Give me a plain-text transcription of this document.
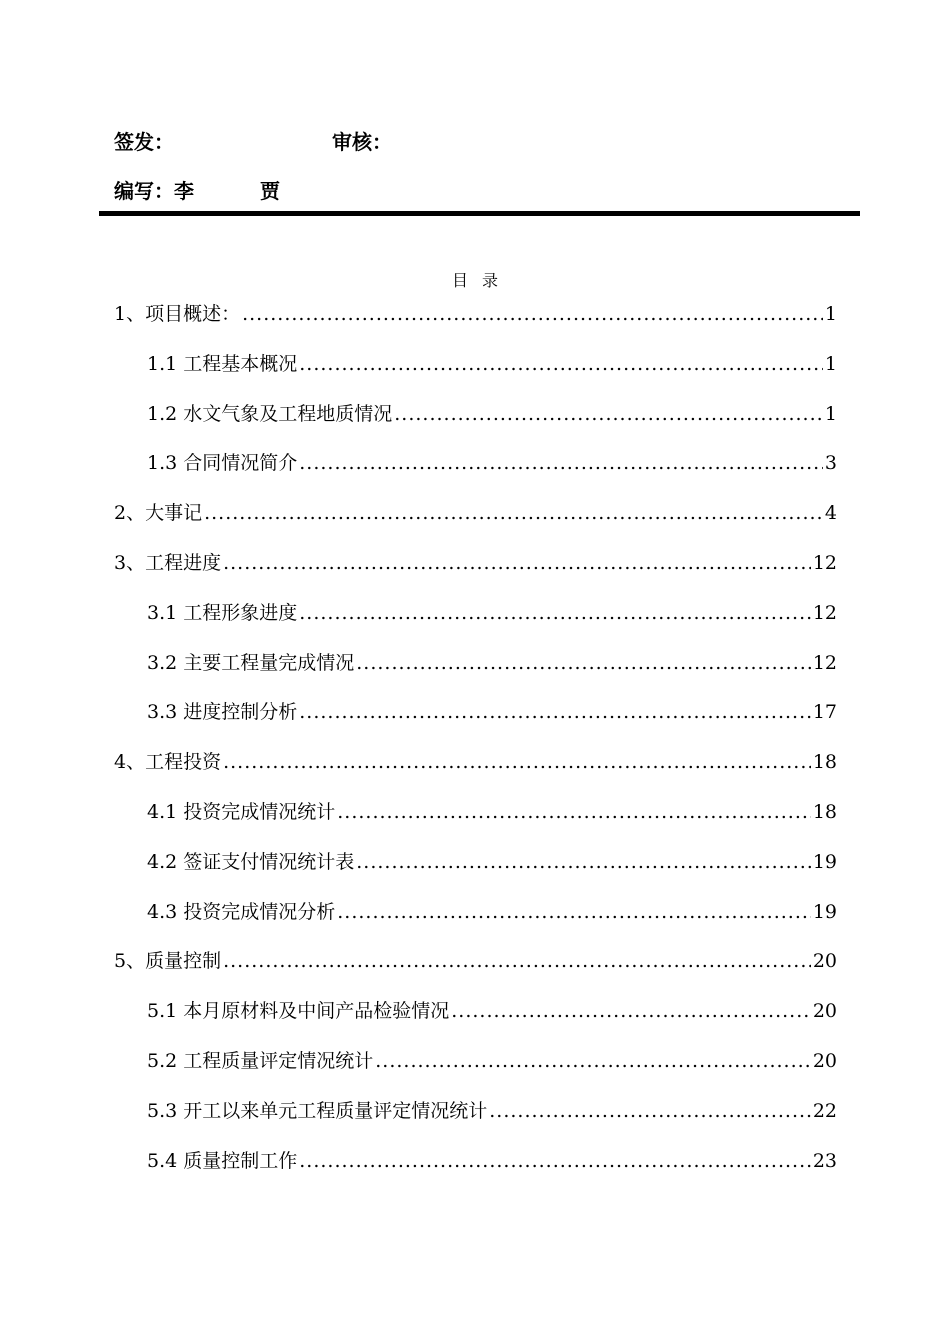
签发：	审核：
编写：李	贾
目录
1、项目概述： .....	1
1.1 工程基本概况 .....	1
1.2 水文气象及工程地质情况 .....	1
1.3 合同情况简介 .....	3
2、大事记 .....	4
3、工程进度 .....	12
3.1 工程形象进度 .....	12
3.2 主要工程量完成情况 .....	12
3.3 进度控制分析 .....	17
4、工程投资 .....	18
4.1 投资完成情况统计 .....	18
4.2 签证支付情况统计表 .....	19
4.3 投资完成情况分析 .....	19
5、质量控制 .....	20
5.1 本月原材料及中间产品检验情况 .....	20
5.2 工程质量评定情况统计 .....	20
5.3 开工以来单元工程质量评定情况统计 .....	22
5.4 质量控制工作 .....	23
